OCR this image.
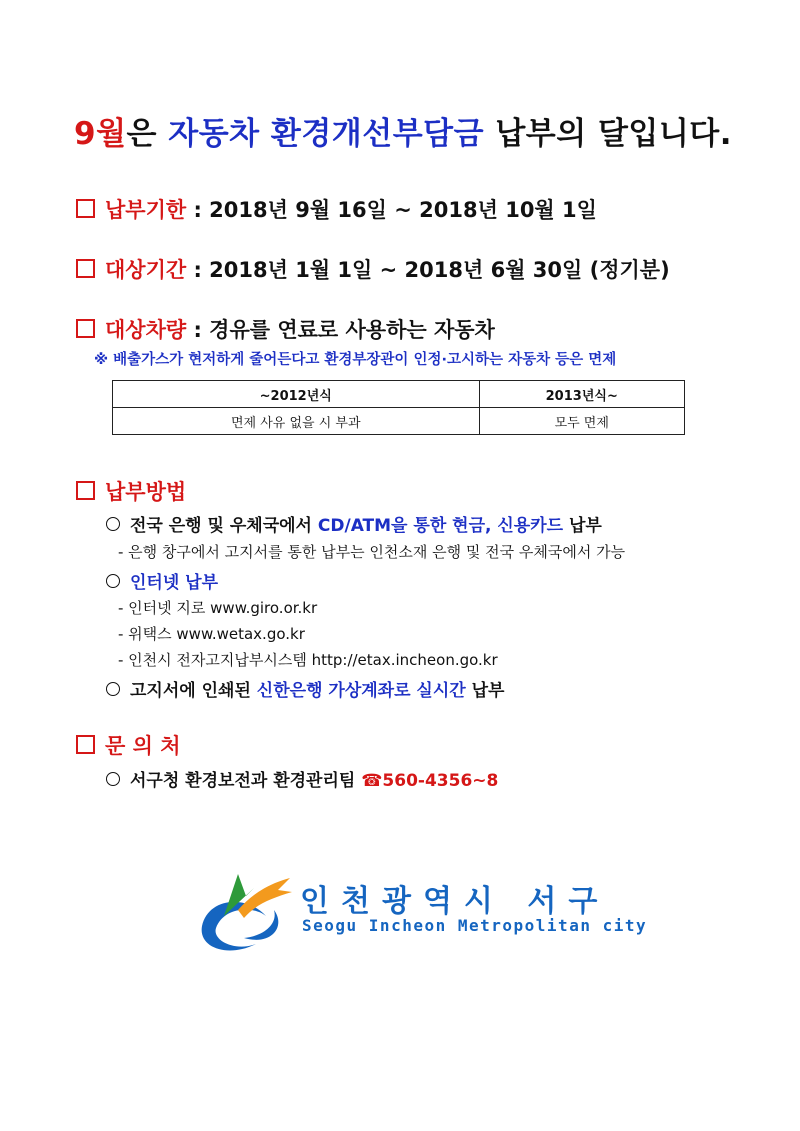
9월은 자동차 환경개선부담금 납부의 달입니다.
납부기한 : 2018년 9월 16일 ~ 2018년 10월 1일
대상기간 : 2018년 1월 1일 ~ 2018년 6월 30일 (정기분)
대상차량 : 경유를 연료로 사용하는 자동차
※ 배출가스가 현저하게 줄어든다고 환경부장관이 인정·고시하는 자동차 등은 면제
~2012년식	2013년식~
면제 사유 없을 시 부과	모두 면제
납부방법
전국 은행 및 우체국에서 CD/ATM을 통한 현금, 신용카드 납부
- 은행 창구에서 고지서를 통한 납부는 인천소재 은행 및 전국 우체국에서 가능
인터넷 납부
- 인터넷 지로 www.giro.or.kr
- 위택스 www.wetax.go.kr
- 인천시 전자고지납부시스템 http://etax.incheon.go.kr
고지서에 인쇄된 신한은행 가상계좌로 실시간 납부
문 의 처
서구청 환경보전과 환경관리팀 ☎560-4356~8
인천광역시 서구
Seogu Incheon Metropolitan city
